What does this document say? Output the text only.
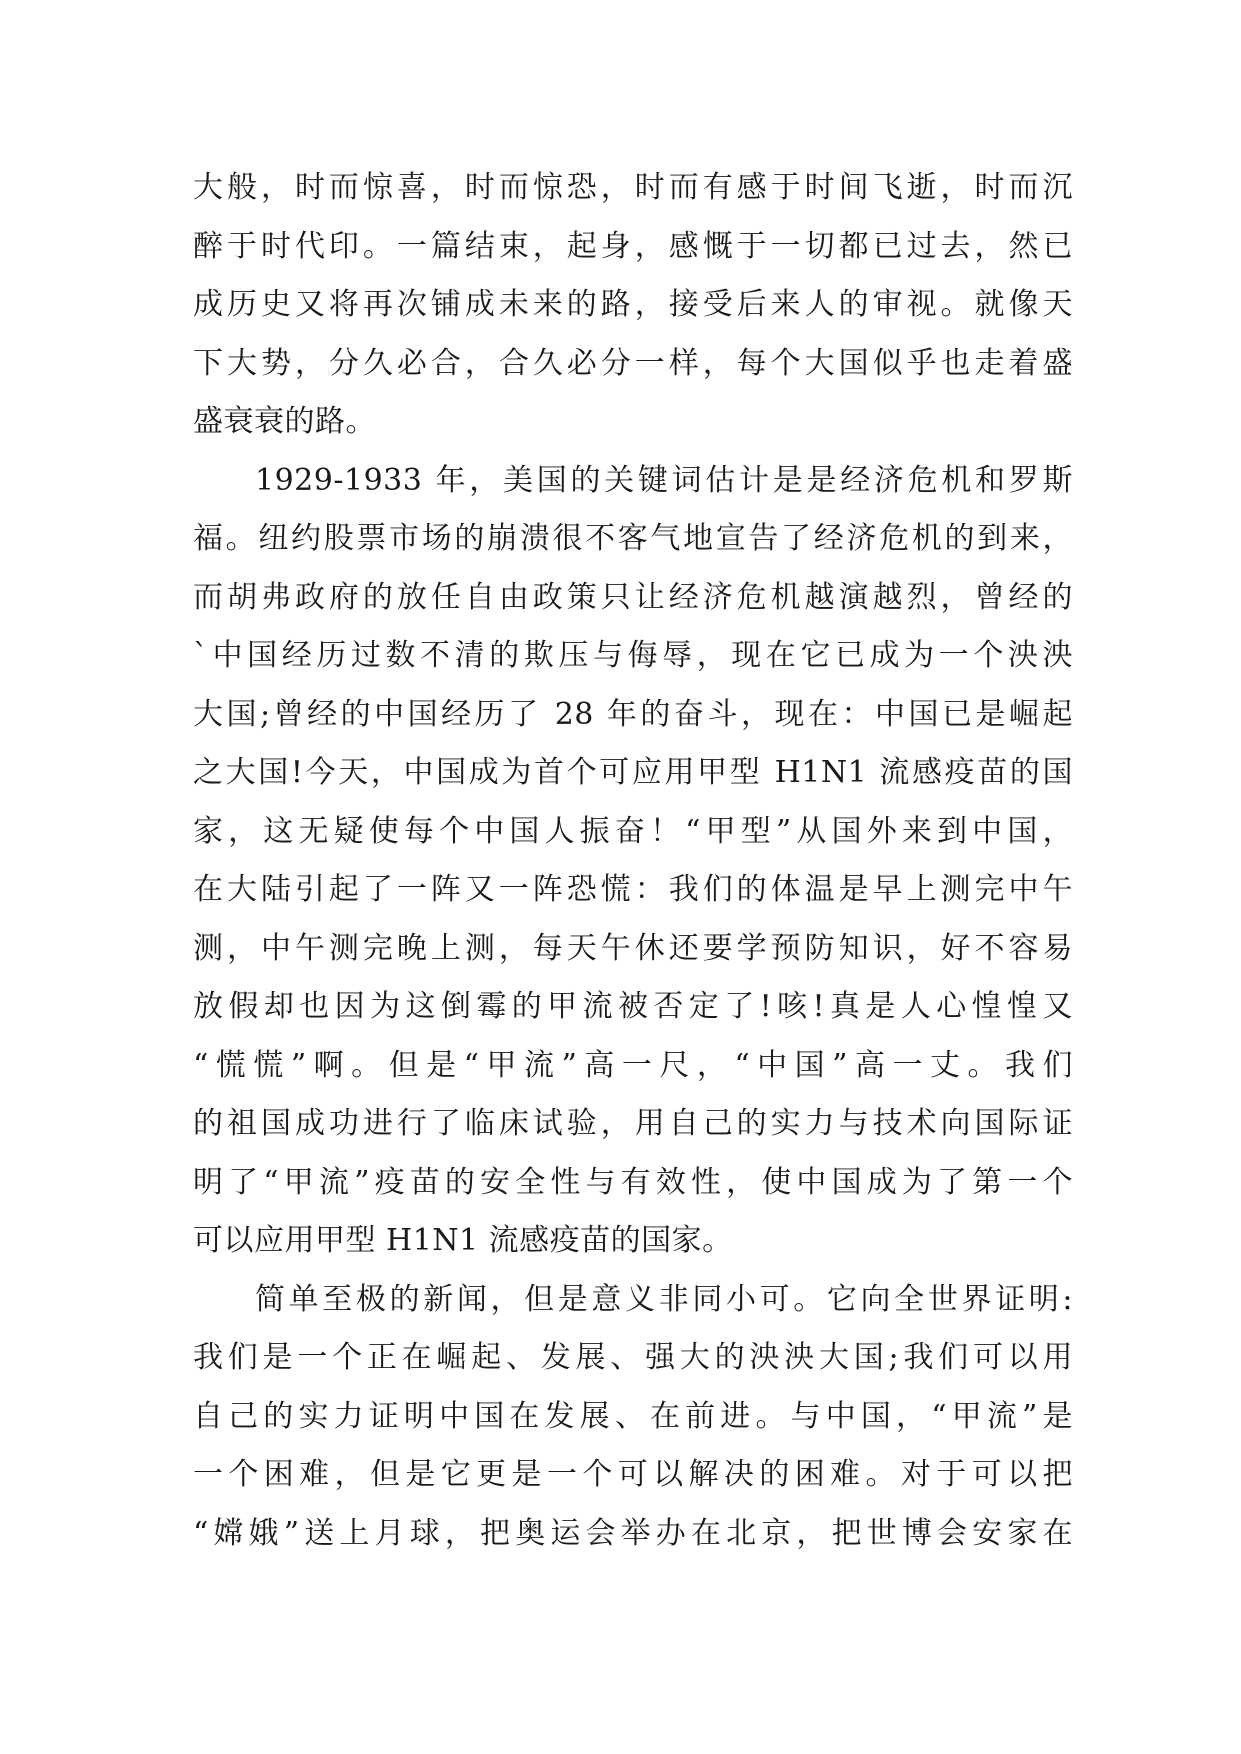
大般，时而惊喜，时而惊恐，时而有感于时间飞逝，时而沉
醉于时代印。一篇结束，起身，感慨于一切都已过去，然已
成历史又将再次铺成未来的路，接受后来人的审视。就像天
下大势，分久必合，合久必分一样，每个大国似乎也走着盛
盛衰衰的路。
1929-1933 年，美国的关键词估计是是经济危机和罗斯
福。纽约股票市场的崩溃很不客气地宣告了经济危机的到来，
而胡弗政府的放任自由政策只让经济危机越演越烈，曾经的
`中国经历过数不清的欺压与侮辱，现在它已成为一个泱泱
大国;曾经的中国经历了 28 年的奋斗，现在：中国已是崛起
之大国!今天，中国成为首个可应用甲型 H1N1 流感疫苗的国
家，这无疑使每个中国人振奋！“甲型”从国外来到中国，
在大陆引起了一阵又一阵恐慌：我们的体温是早上测完中午
测，中午测完晚上测，每天午休还要学预防知识，好不容易
放假却也因为这倒霉的甲流被否定了!咳!真是人心惶惶又
“慌慌”啊。但是“甲流”高一尺，“中国”高一丈。我们
的祖国成功进行了临床试验，用自己的实力与技术向国际证
明了“甲流”疫苗的安全性与有效性，使中国成为了第一个
可以应用甲型 H1N1 流感疫苗的国家。
简单至极的新闻，但是意义非同小可。它向全世界证明:
我们是一个正在崛起、发展、强大的泱泱大国;我们可以用
自己的实力证明中国在发展、在前进。与中国，“甲流”是
一个困难，但是它更是一个可以解决的困难。对于可以把
“嫦娥”送上月球，把奥运会举办在北京，把世博会安家在
